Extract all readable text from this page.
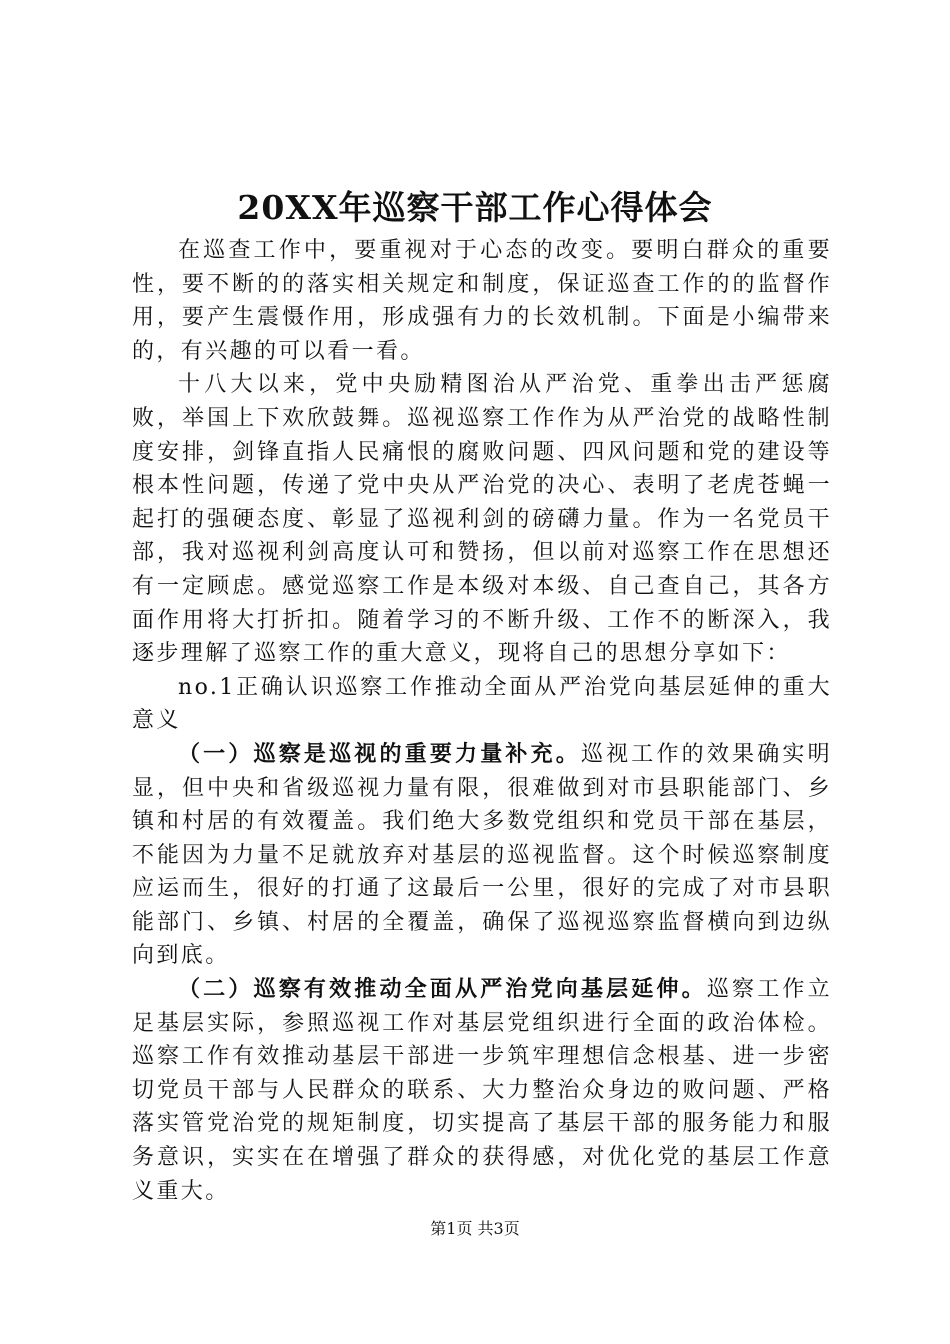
20XX年巡察干部工作心得体会

在巡查工作中，要重视对于心态的改变。要明白群众的重要性，要不断的的落实相关规定和制度，保证巡查工作的的监督作用，要产生震慑作用，形成强有力的长效机制。下面是小编带来的，有兴趣的可以看一看。

十八大以来，党中央励精图治从严治党、重拳出击严惩腐败，举国上下欢欣鼓舞。巡视巡察工作作为从严治党的战略性制度安排，剑锋直指人民痛恨的腐败问题、四风问题和党的建设等根本性问题，传递了党中央从严治党的决心、表明了老虎苍蝇一起打的强硬态度、彰显了巡视利剑的磅礴力量。作为一名党员干部，我对巡视利剑高度认可和赞扬，但以前对巡察工作在思想还有一定顾虑。感觉巡察工作是本级对本级、自己查自己，其各方面作用将大打折扣。随着学习的不断升级、工作不的断深入，我逐步理解了巡察工作的重大意义，现将自己的思想分享如下：

no.1正确认识巡察工作推动全面从严治党向基层延伸的重大意义

（一）巡察是巡视的重要力量补充。巡视工作的效果确实明显，但中央和省级巡视力量有限，很难做到对市县职能部门、乡镇和村居的有效覆盖。我们绝大多数党组织和党员干部在基层，不能因为力量不足就放弃对基层的巡视监督。这个时候巡察制度应运而生，很好的打通了这最后一公里，很好的完成了对市县职能部门、乡镇、村居的全覆盖，确保了巡视巡察监督横向到边纵向到底。

（二）巡察有效推动全面从严治党向基层延伸。巡察工作立足基层实际，参照巡视工作对基层党组织进行全面的政治体检。巡察工作有效推动基层干部进一步筑牢理想信念根基、进一步密切党员干部与人民群众的联系、大力整治众身边的败问题、严格落实管党治党的规矩制度，切实提高了基层干部的服务能力和服务意识，实实在在增强了群众的获得感，对优化党的基层工作意义重大。

第1页 共3页
